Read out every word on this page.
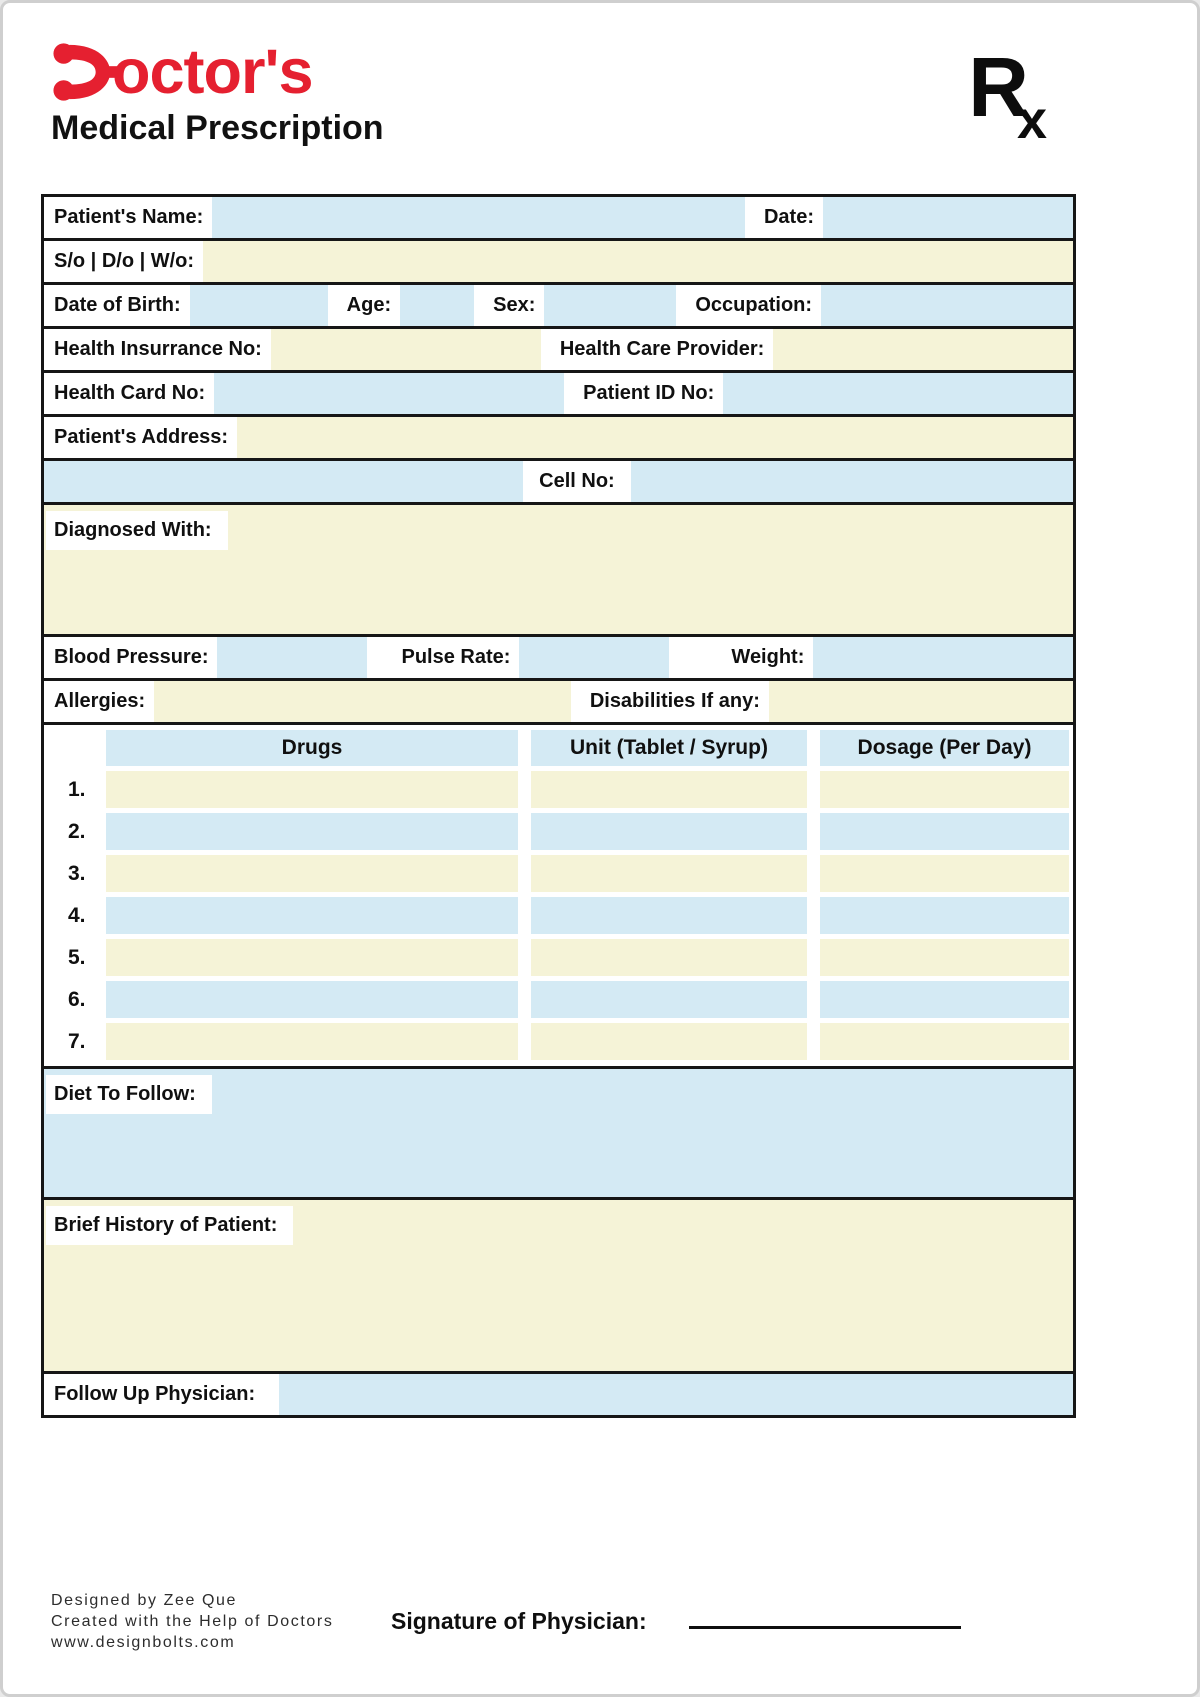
octor's
Medical Prescription	R
x
Patient's Name:	Date:
S/o | D/o | W/o:
Date of Birth:	Age:	Sex:	Occupation:
Health Insurrance No:	Health Care Provider:
Health Card No:	Patient ID No:
Patient's Address:
Cell No:
Diagnosed With:
Blood Pressure:	Pulse Rate:	Weight:
Allergies:	Disabilities If any:
Drugs	Unit (Tablet / Syrup)	Dosage (Per Day)
1.
2.
3.
4.
5.
6.
7.
Diet To Follow:
Brief History of Patient:
Follow Up Physician:
Designed by Zee Que
Created with the Help of Doctors
www.designbolts.com
Signature of Physician:
